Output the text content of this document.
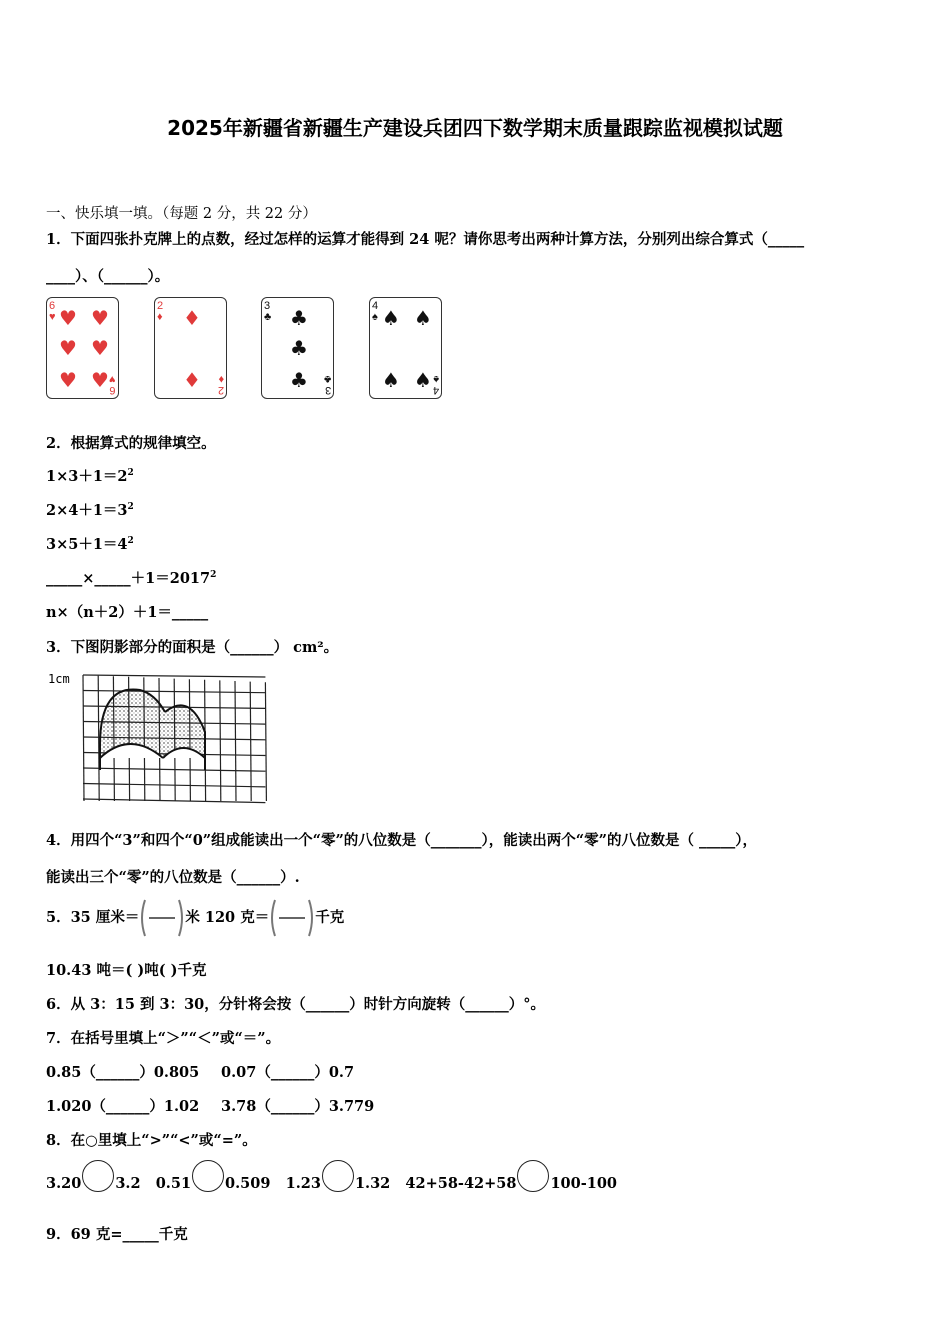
2025年新疆省新疆生产建设兵团四下数学期末质量跟踪监视模拟试题
一、快乐填一填。（每题 2 分，共 22 分）
1．下面四张扑克牌上的点数，经过怎样的运算才能得到 24 呢？请你思考出两种计算方法，分别列出综合算式（_____
____）、（______）。
6
♥
6
♥
♥ ♥
♥ ♥
♥ ♥
2
♦
2
♦
♦
♦
3
♣
3
♣
♣
♣
♣
4
♠
4
♠
♠ ♠
♠ ♠
2．根据算式的规律填空。
$1\times 3+1=2^2$
$2\times 4+1=3^2$
$3\times 5+1=4^2$
$\_\_\_\_\_\times\_\_\_\_\_+1=2017^2$
n×（n＋2）＋1＝_____
3．下图阴影部分的面积是（______） cm²。
1cm
4．用四个“3”和四个“0”组成能读出一个“零”的八位数是（_______），能读出两个“零”的八位数是（ _____），
能读出三个“零”的八位数是（______）.
5．35 厘米＝	米 120 克＝	千克
10.43 吨＝( )吨( )千克
6．从 3：15 到 3：30，分针将会按（______）时针方向旋转（______）°。
7．在括号里填上“＞”“＜”或“＝”。
0.85（______）0.805 0.07（______）0.7
1.020（______）1.02 3.78（______）3.779
8．在○里填上“>”“<”或“=”。
3.20 3.2 0.51 0.509 1.23 1.32 42+58-42+58 100-100
9．69 克=_____千克
